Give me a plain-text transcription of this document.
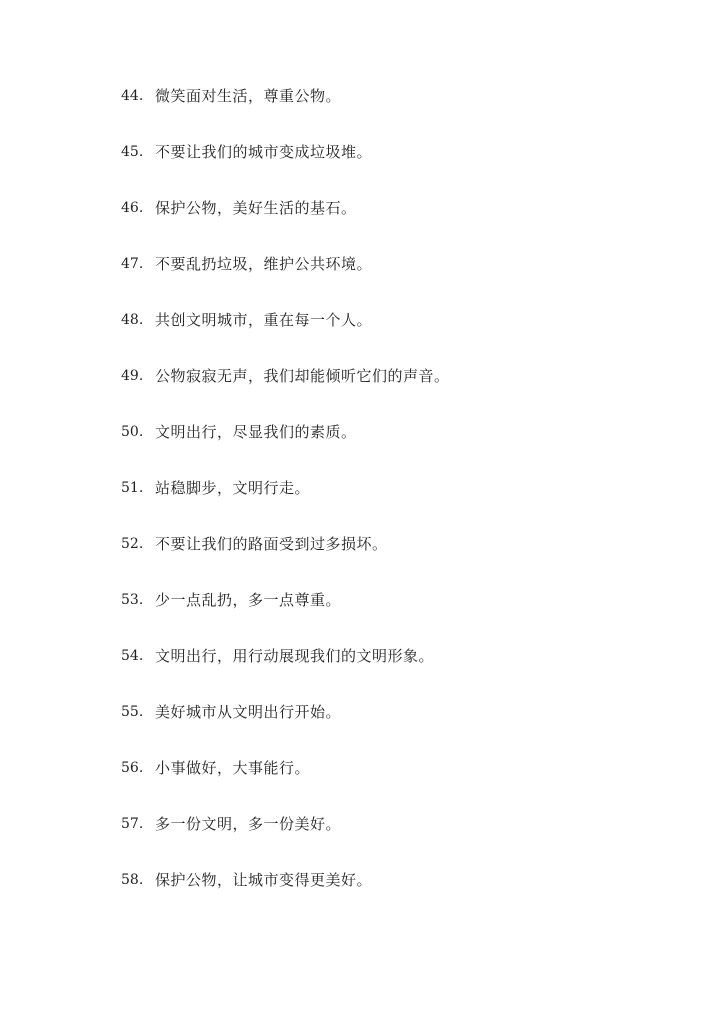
44. 微笑面对生活，尊重公物。
45. 不要让我们的城市变成垃圾堆。
46. 保护公物，美好生活的基石。
47. 不要乱扔垃圾，维护公共环境。
48. 共创文明城市，重在每一个人。
49. 公物寂寂无声，我们却能倾听它们的声音。
50. 文明出行，尽显我们的素质。
51. 站稳脚步，文明行走。
52. 不要让我们的路面受到过多损坏。
53. 少一点乱扔，多一点尊重。
54. 文明出行，用行动展现我们的文明形象。
55. 美好城市从文明出行开始。
56. 小事做好，大事能行。
57. 多一份文明，多一份美好。
58. 保护公物，让城市变得更美好。
